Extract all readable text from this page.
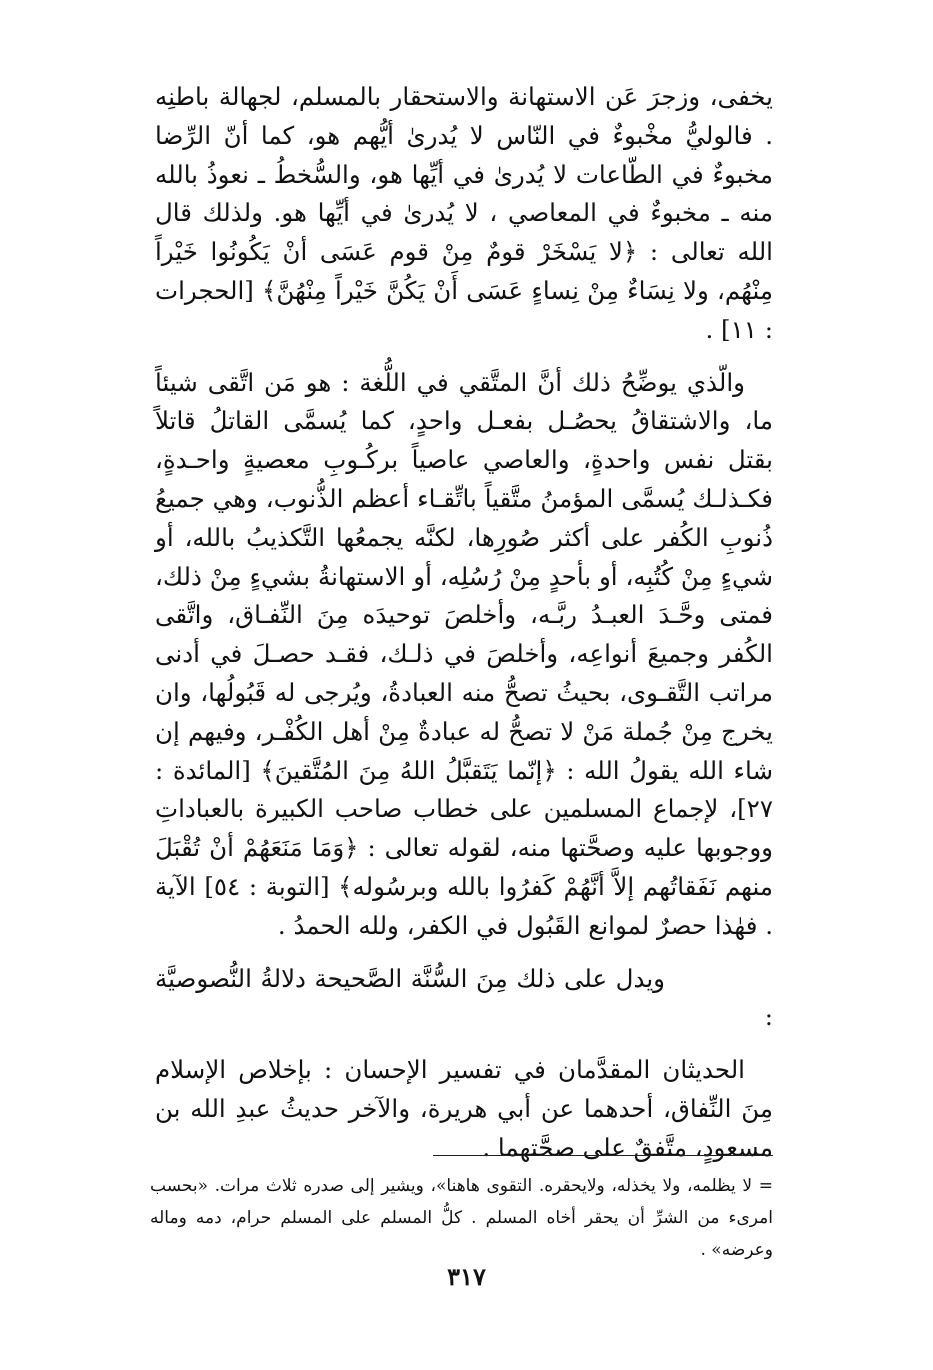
يخفى، وزجرَ عَن الاستهانة والاستحقار بالمسلم، لجهالة باطنِه . فالوليُّ مخْبوءٌ في النّاس لا يُدرىٰ أيُّهم هو، كما أنّ الرِّضا مخبوءٌ في الطّاعات لا يُدرىٰ في أيِّها هو، والسُّخطُ ـ نعوذُ بالله منه ـ مخبوءٌ في المعاصي ، لا يُدرىٰ في أيِّها هو. ولذلك قال الله تعالى : ﴿لا يَسْخَرْ قومٌ مِنْ قوم عَسَى أنْ يَكُونُوا خَيْراً مِنْهُم، ولا نِسَاءٌ مِنْ نِساءٍ عَسَى أَنْ يَكُنَّ خَيْراً مِنْهُنَّ﴾ [الحجرات : ١١] .

والّذي يوضِّحُ ذلك أنَّ المتَّقي في اللُّغة : هو مَن اتَّقى شيئاً ما، والاشتقاقُ يحصُـل بفعـل واحدٍ، كما يُسمَّى القاتلُ قاتلاً بقتل نفس واحدةٍ، والعاصي عاصياً بركُـوبِ معصيةٍ واحـدةٍ، فكـذلـك يُسمَّى المؤمنُ متَّقياً باتِّقـاء أعظم الذُّنوب، وهي جميعُ ذُنوبِ الكُفر على أكثر صُورِها، لكنَّه يجمعُها التَّكذيبُ بالله، أو شيءٍ مِنْ كُتُبِه، أو بأحدٍ مِنْ رُسُلِه، أو الاستهانةُ بشيءٍ مِنْ ذلك، فمتى وحَّـدَ العبـدُ ربَّـه، وأخلصَ توحيدَه مِنَ النِّفـاق، واتَّقى الكُفر وجميعَ أنواعِه، وأخلصَ في ذلـك، فقـد حصـلَ في أدنى مراتب التَّقـوى، بحيثُ تصحُّ منه العبادةُ، ويُرجى له قَبُولُها، وان يخرج مِنْ جُملة مَنْ لا تصحُّ له عبادةٌ مِنْ أهل الكُفْـر، وفيهم إن شاء الله يقولُ الله : ﴿إنّما يَتَقبَّلُ اللهُ مِنَ المُتَّقينَ﴾ [المائدة : ٢٧]، لإجماع المسلمين على خطاب صاحب الكبيرة بالعباداتِ ووجوبها عليه وصحَّتها منه، لقوله تعالى : ﴿وَمَا مَنَعَهُمْ أنْ تُقْبَلَ منهم نَفَقاتُهم إلاَّ أنَّهُمْ كَفرُوا بالله وبرسُوله﴾ [التوبة : ٥٤] الآية . فهٰذا حصرٌ لموانع القَبُول في الكفر، ولله الحمدُ .

ويدل على ذلك مِنَ السُّنَّة الصَّحيحة دلالةُ النُّصوصيَّة :

الحديثان المقدَّمان في تفسير الإحسان : بإخلاص الإسلام مِنَ النِّفاق، أحدهما عن أبي هريرة، والآخر حديثُ عبدِ الله بن مسعودٍ، متَّفقٌ على صحَّتهما .

= لا يظلمه، ولا يخذله، ولايحقره. التقوى هاهنا»، ويشير إلى صدره ثلاث مرات. «بحسب امرىء من الشرِّ أن يحقر أخاه المسلم . كلُّ المسلم على المسلم حرام، دمه وماله وعرضه» .

٣١٧
